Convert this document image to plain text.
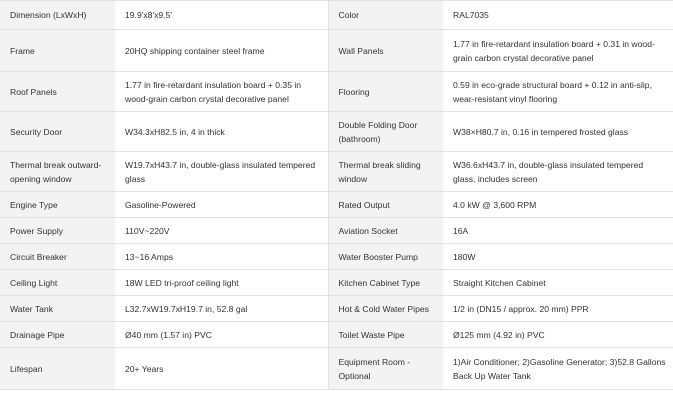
Dimension (LxWxH)	19.9'x8'x9.5'	Color	RAL7035
Frame	20HQ shipping container steel frame	Wall Panels	1.77 in fire-retardant insulation board + 0.31 in wood-grain carbon crystal decorative panel
Roof Panels	1.77 in fire-retardant insulation board + 0.35 in wood-grain carbon crystal decorative panel	Flooring	0.59 in eco-grade structural board + 0.12 in anti-slip, wear-resistant vinyl flooring
Security Door	W34.3xH82.5 in, 4 in thick	Double Folding Door (bathroom)	W38×H80.7 in, 0.16 in tempered frosted glass
Thermal break outward-opening window	W19.7xH43.7 in, double-glass insulated tempered glass	Thermal break sliding window	W36.6xH43.7 in, double-glass insulated tempered glass, includes screen
Engine Type	Gasoline-Powered	Rated Output	4.0 kW @ 3,600 RPM
Power Supply	110V~220V	Aviation Socket	16A
Circuit Breaker	13~16 Amps	Water Booster Pump	180W
Ceiling Light	18W LED tri-proof ceiling light	Kitchen Cabinet Type	Straight Kitchen Cabinet
Water Tank	L32.7xW19.7xH19.7 in, 52.8 gal	Hot & Cold Water Pipes	1/2 in (DN15 / approx. 20 mm) PPR
Drainage Pipe	Ø40 mm (1.57 in) PVC	Toilet Waste Pipe	Ø125 mm (4.92 in) PVC
Lifespan	20+ Years	Equipment Room - Optional	1)Air Conditioner; 2)Gasoline Generator; 3)52.8 Gallons Back Up Water Tank
